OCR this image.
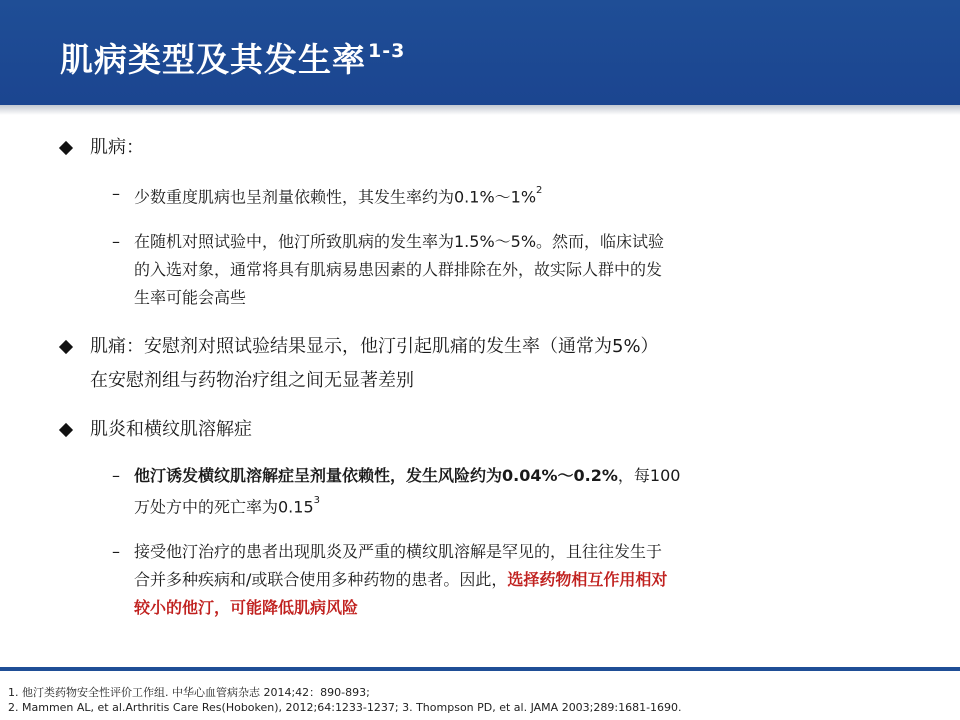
肌病类型及其发生率 $^{1-3}$
肌病：
– 少数重度肌病也呈剂量依赖性，其发生率约为0.1%～1%$^2$
– 在随机对照试验中，他汀所致肌病的发生率为1.5%～5%。然而，临床试验
的入选对象，通常将具有肌病易患因素的人群排除在外，故实际人群中的发
生率可能会高些
肌痛：安慰剂对照试验结果显示，他汀引起肌痛的发生率（通常为5%）
在安慰剂组与药物治疗组之间无显著差别
肌炎和横纹肌溶解症
– 他汀诱发横纹肌溶解症呈剂量依赖性，发生风险约为0.04%～0.2%，每100
万处方中的死亡率为0.15$^3$
– 接受他汀治疗的患者出现肌炎及严重的横纹肌溶解是罕见的，且往往发生于
合并多种疾病和/或联合使用多种药物的患者。因此，选择药物相互作用相对
较小的他汀，可能降低肌病风险
1. 他汀类药物安全性评价工作组. 中华心血管病杂志 2014;42：890-893;
2. Mammen AL, et al.Arthritis Care Res(Hoboken), 2012;64:1233-1237; 3. Thompson PD, et al. JAMA 2003;289:1681-1690.
